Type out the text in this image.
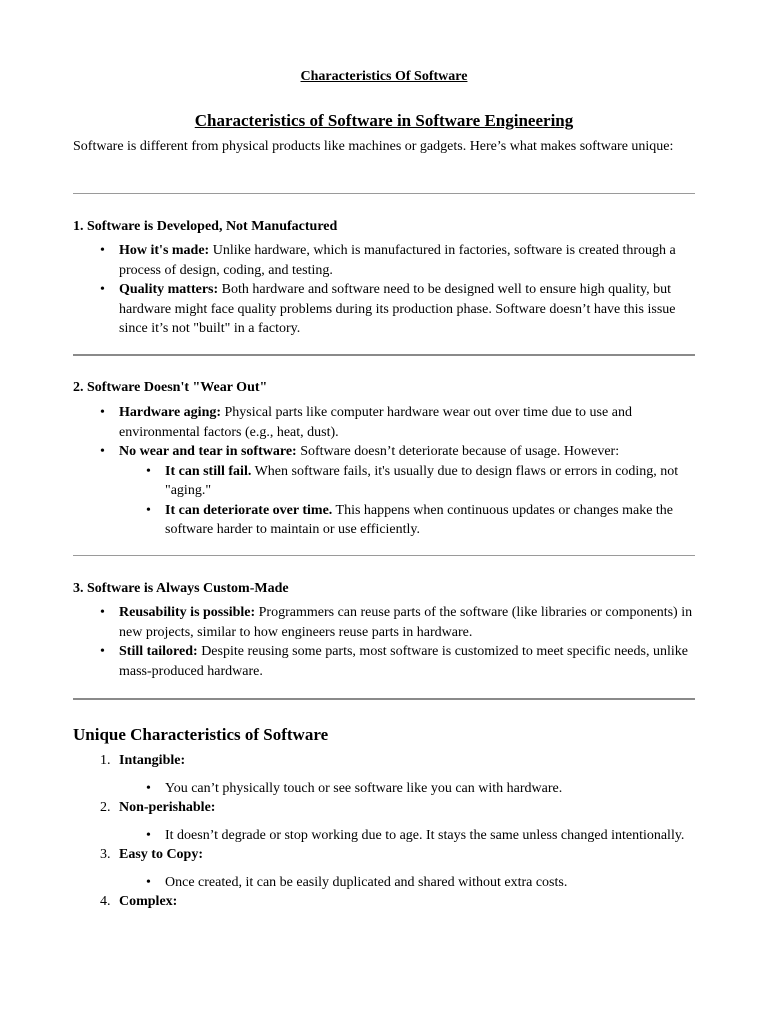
Characteristics Of Software
Characteristics of Software in Software Engineering
Software is different from physical products like machines or gadgets. Here’s what makes software unique:
1. Software is Developed, Not Manufactured
• How it's made: Unlike hardware, which is manufactured in factories, software is created through a process of design, coding, and testing.
• Quality matters: Both hardware and software need to be designed well to ensure high quality, but hardware might face quality problems during its production phase. Software doesn’t have this issue since it’s not "built" in a factory.
2. Software Doesn't "Wear Out"
• Hardware aging: Physical parts like computer hardware wear out over time due to use and environmental factors (e.g., heat, dust).
• No wear and tear in software: Software doesn’t deteriorate because of usage. However:
• It can still fail. When software fails, it's usually due to design flaws or errors in coding, not "aging."
• It can deteriorate over time. This happens when continuous updates or changes make the software harder to maintain or use efficiently.
3. Software is Always Custom-Made
• Reusability is possible: Programmers can reuse parts of the software (like libraries or components) in new projects, similar to how engineers reuse parts in hardware.
• Still tailored: Despite reusing some parts, most software is customized to meet specific needs, unlike mass-produced hardware.
Unique Characteristics of Software
1. Intangible:
• You can’t physically touch or see software like you can with hardware.
2. Non-perishable:
• It doesn’t degrade or stop working due to age. It stays the same unless changed intentionally.
3. Easy to Copy:
• Once created, it can be easily duplicated and shared without extra costs.
4. Complex:
